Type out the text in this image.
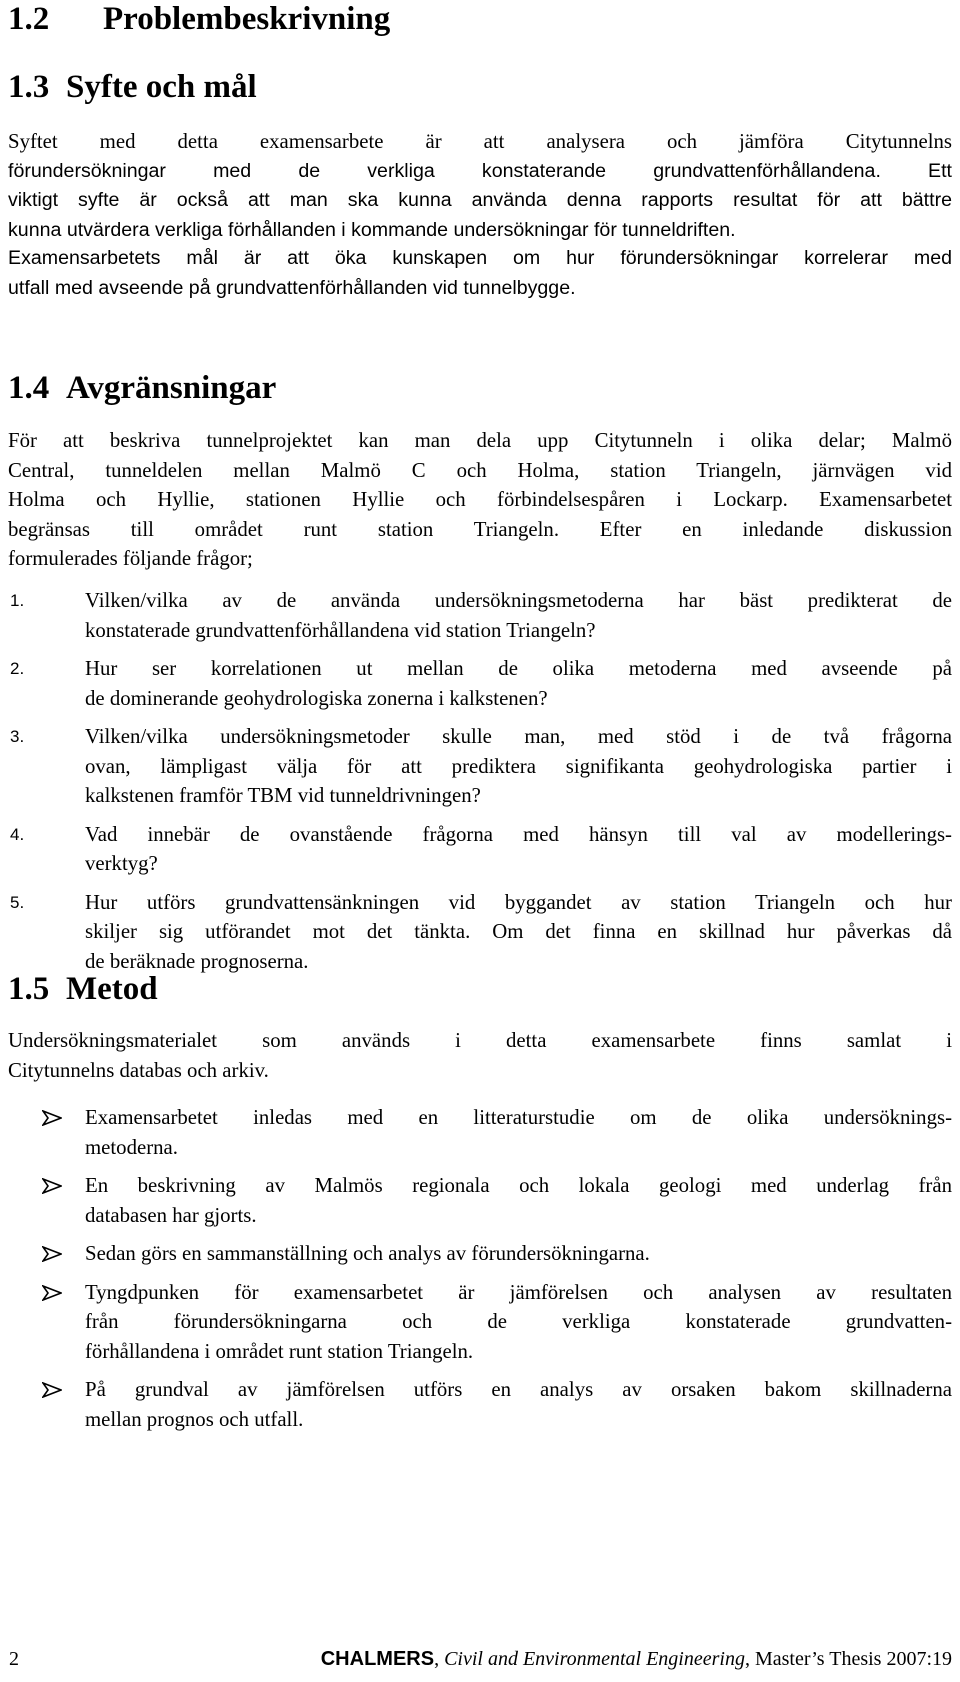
1.2 Problembeskrivning
1.3 Syfte och mål
Syftet med detta examensarbete är att analysera och jämföra Citytunnelns
förundersökningar med de verkliga konstaterande grundvattenförhållandena. Ett
viktigt syfte är också att man ska kunna använda denna rapports resultat för att bättre
kunna utvärdera verkliga förhållanden i kommande undersökningar för tunneldriften.
Examensarbetets mål är att öka kunskapen om hur förundersökningar korrelerar med
utfall med avseende på grundvattenförhållanden vid tunnelbygge.
1.4 Avgränsningar
För att beskriva tunnelprojektet kan man dela upp Citytunneln i olika delar; Malmö
Central, tunneldelen mellan Malmö C och Holma, station Triangeln, järnvägen vid
Holma och Hyllie, stationen Hyllie och förbindelsespåren i Lockarp. Examensarbetet
begränsas till området runt station Triangeln. Efter en inledande diskussion
formulerades följande frågor;
1.	Vilken/vilka av de använda undersökningsmetoderna har bäst predikterat de
konstaterade grundvattenförhållandena vid station Triangeln?
2.	Hur ser korrelationen ut mellan de olika metoderna med avseende på
de dominerande geohydrologiska zonerna i kalkstenen?
3.	Vilken/vilka undersökningsmetoder skulle man, med stöd i de två frågorna
ovan, lämpligast välja för att prediktera signifikanta geohydrologiska partier i
kalkstenen framför TBM vid tunneldrivningen?
4.	Vad innebär de ovanstående frågorna med hänsyn till val av modellerings-
verktyg?
5.	Hur utförs grundvattensänkningen vid byggandet av station Triangeln och hur
skiljer sig utförandet mot det tänkta. Om det finna en skillnad hur påverkas då
de beräknade prognoserna.
1.5 Metod
Undersökningsmaterialet som används i detta examensarbete finns samlat i
Citytunnelns databas och arkiv.
Examensarbetet inledas med en litteraturstudie om de olika undersöknings-
metoderna.
En beskrivning av Malmös regionala och lokala geologi med underlag från
databasen har gjorts.
Sedan görs en sammanställning och analys av förundersökningarna.
Tyngdpunken för examensarbetet är jämförelsen och analysen av resultaten
från förundersökningarna och de verkliga konstaterade grundvatten-
förhållandena i området runt station Triangeln.
På grundval av jämförelsen utförs en analys av orsaken bakom skillnaderna
mellan prognos och utfall.
2	CHALMERS, Civil and Environmental Engineering, Master’s Thesis 2007:19
